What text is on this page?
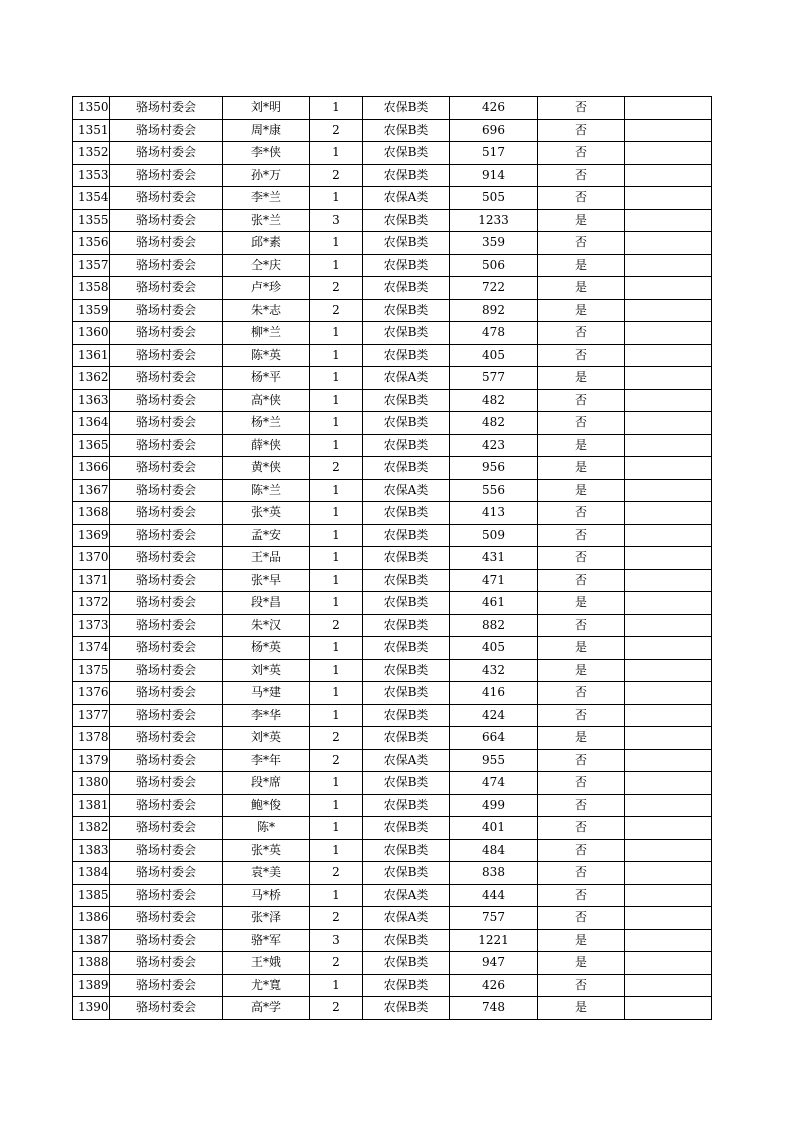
1350	骆场村委会	刘*明	1	农保B类	426	否	
1351	骆场村委会	周*康	2	农保B类	696	否	
1352	骆场村委会	李*侠	1	农保B类	517	否	
1353	骆场村委会	孙*万	2	农保B类	914	否	
1354	骆场村委会	李*兰	1	农保A类	505	否	
1355	骆场村委会	张*兰	3	农保B类	1233	是	
1356	骆场村委会	邱*素	1	农保B类	359	否	
1357	骆场村委会	仝*庆	1	农保B类	506	是	
1358	骆场村委会	卢*珍	2	农保B类	722	是	
1359	骆场村委会	朱*志	2	农保B类	892	是	
1360	骆场村委会	柳*兰	1	农保B类	478	否	
1361	骆场村委会	陈*英	1	农保B类	405	否	
1362	骆场村委会	杨*平	1	农保A类	577	是	
1363	骆场村委会	高*侠	1	农保B类	482	否	
1364	骆场村委会	杨*兰	1	农保B类	482	否	
1365	骆场村委会	薛*侠	1	农保B类	423	是	
1366	骆场村委会	黄*侠	2	农保B类	956	是	
1367	骆场村委会	陈*兰	1	农保A类	556	是	
1368	骆场村委会	张*英	1	农保B类	413	否	
1369	骆场村委会	孟*安	1	农保B类	509	否	
1370	骆场村委会	王*品	1	农保B类	431	否	
1371	骆场村委会	张*早	1	农保B类	471	否	
1372	骆场村委会	段*昌	1	农保B类	461	是	
1373	骆场村委会	朱*汉	2	农保B类	882	否	
1374	骆场村委会	杨*英	1	农保B类	405	是	
1375	骆场村委会	刘*英	1	农保B类	432	是	
1376	骆场村委会	马*建	1	农保B类	416	否	
1377	骆场村委会	李*华	1	农保B类	424	否	
1378	骆场村委会	刘*英	2	农保B类	664	是	
1379	骆场村委会	李*年	2	农保A类	955	否	
1380	骆场村委会	段*席	1	农保B类	474	否	
1381	骆场村委会	鲍*俊	1	农保B类	499	否	
1382	骆场村委会	陈*	1	农保B类	401	否	
1383	骆场村委会	张*英	1	农保B类	484	否	
1384	骆场村委会	袁*美	2	农保B类	838	否	
1385	骆场村委会	马*桥	1	农保A类	444	否	
1386	骆场村委会	张*泽	2	农保A类	757	否	
1387	骆场村委会	骆*军	3	农保B类	1221	是	
1388	骆场村委会	王*娥	2	农保B类	947	是	
1389	骆场村委会	尤*寬	1	农保B类	426	否	
1390	骆场村委会	高*学	2	农保B类	748	是	
